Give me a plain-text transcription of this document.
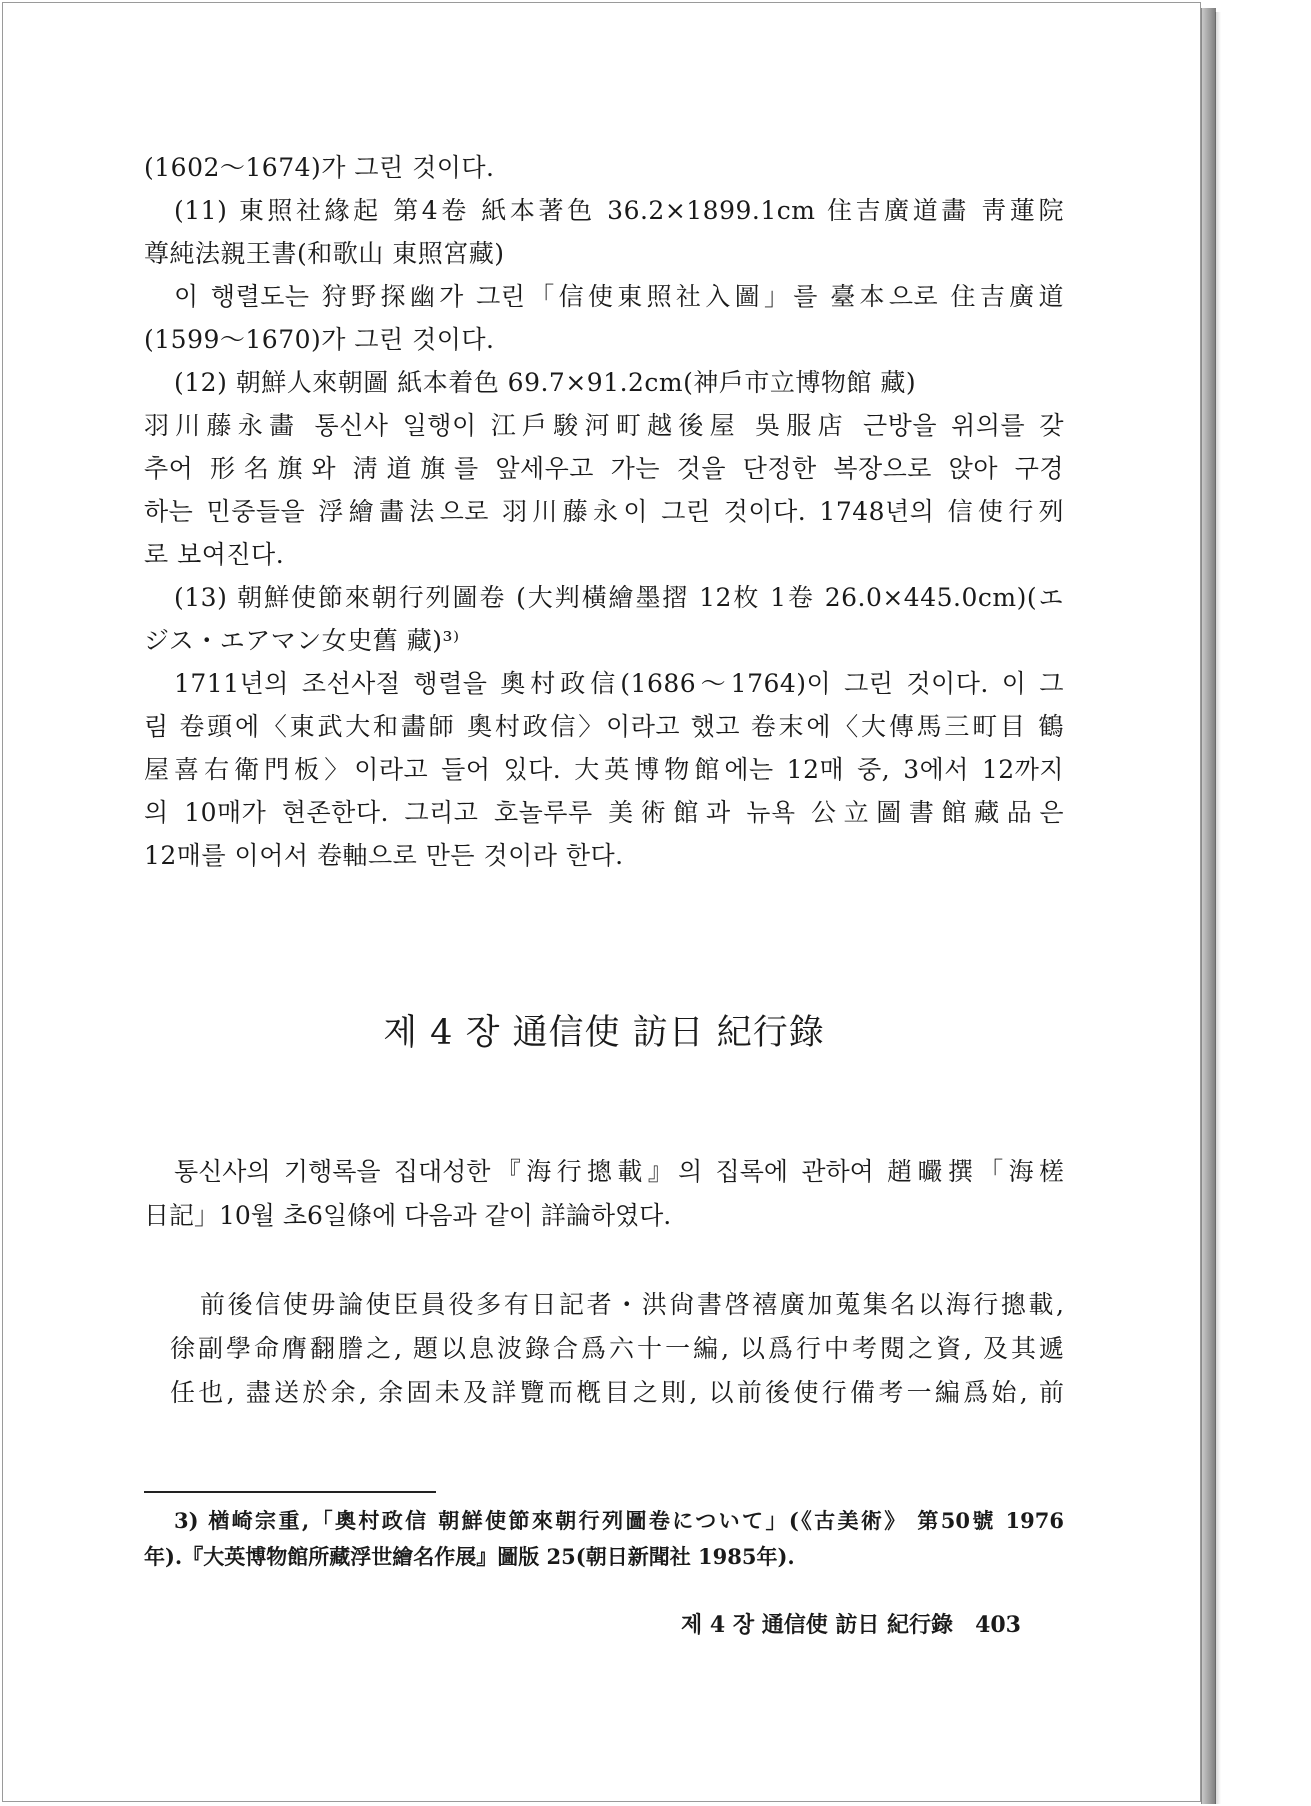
(1602～1674)가 그린 것이다.
(11) 東照社緣起 第4卷 紙本著色 36.2×1899.1cm 住吉廣道畵 靑蓮院
尊純法親王書(和歌山 東照宮藏)
이 행렬도는 狩野探幽가 그린「信使東照社入圖」를 臺本으로 住吉廣道
(1599～1670)가 그린 것이다.
(12) 朝鮮人來朝圖 紙本着色 69.7×91.2cm(神戶市立博物館 藏)
羽川藤永畵 통신사 일행이 江戶駿河町越後屋 吳服店 근방을 위의를 갖
추어 形名旗와 淸道旗를 앞세우고 가는 것을 단정한 복장으로 앉아 구경
하는 민중들을 浮繪畵法으로 羽川藤永이 그린 것이다. 1748년의 信使行列
로 보여진다.
(13) 朝鮮使節來朝行列圖卷 (大判橫繪墨摺 12枚 1卷 26.0×445.0cm)(エ
ジス・エアマン女史舊 藏)³⁾
1711년의 조선사절 행렬을 奧村政信(1686～1764)이 그린 것이다. 이 그
림 卷頭에〈東武大和畵師 奧村政信〉이라고 했고 卷末에〈大傳馬三町目 鶴
屋喜右衛門板〉이라고 들어 있다. 大英博物館에는 12매 중, 3에서 12까지
의 10매가 현존한다. 그리고 호놀루루 美術館과 뉴욕 公立圖書館藏品은
12매를 이어서 卷軸으로 만든 것이라 한다.
제 4 장 通信使 訪日 紀行錄
통신사의 기행록을 집대성한『海行摠載』의 집록에 관하여 趙曮撰「海槎
日記」10월 초6일條에 다음과 같이 詳論하였다.
前後信使毋論使臣員役多有日記者・洪尙書啓禧廣加蒐集名以海行摠載,
徐副學命膺翻謄之, 題以息波錄合爲六十一編, 以爲行中考閱之資, 及其遞
任也, 盡送於余, 余固未及詳覽而槪目之則, 以前後使行備考一編爲始, 前
3) 楢崎宗重,「奧村政信 朝鮮使節來朝行列圖卷について」(《古美術》 第50號 1976
年).『大英博物館所藏浮世繪名作展』圖版 25(朝日新聞社 1985年).
제 4 장 通信使 訪日 紀行錄 403
